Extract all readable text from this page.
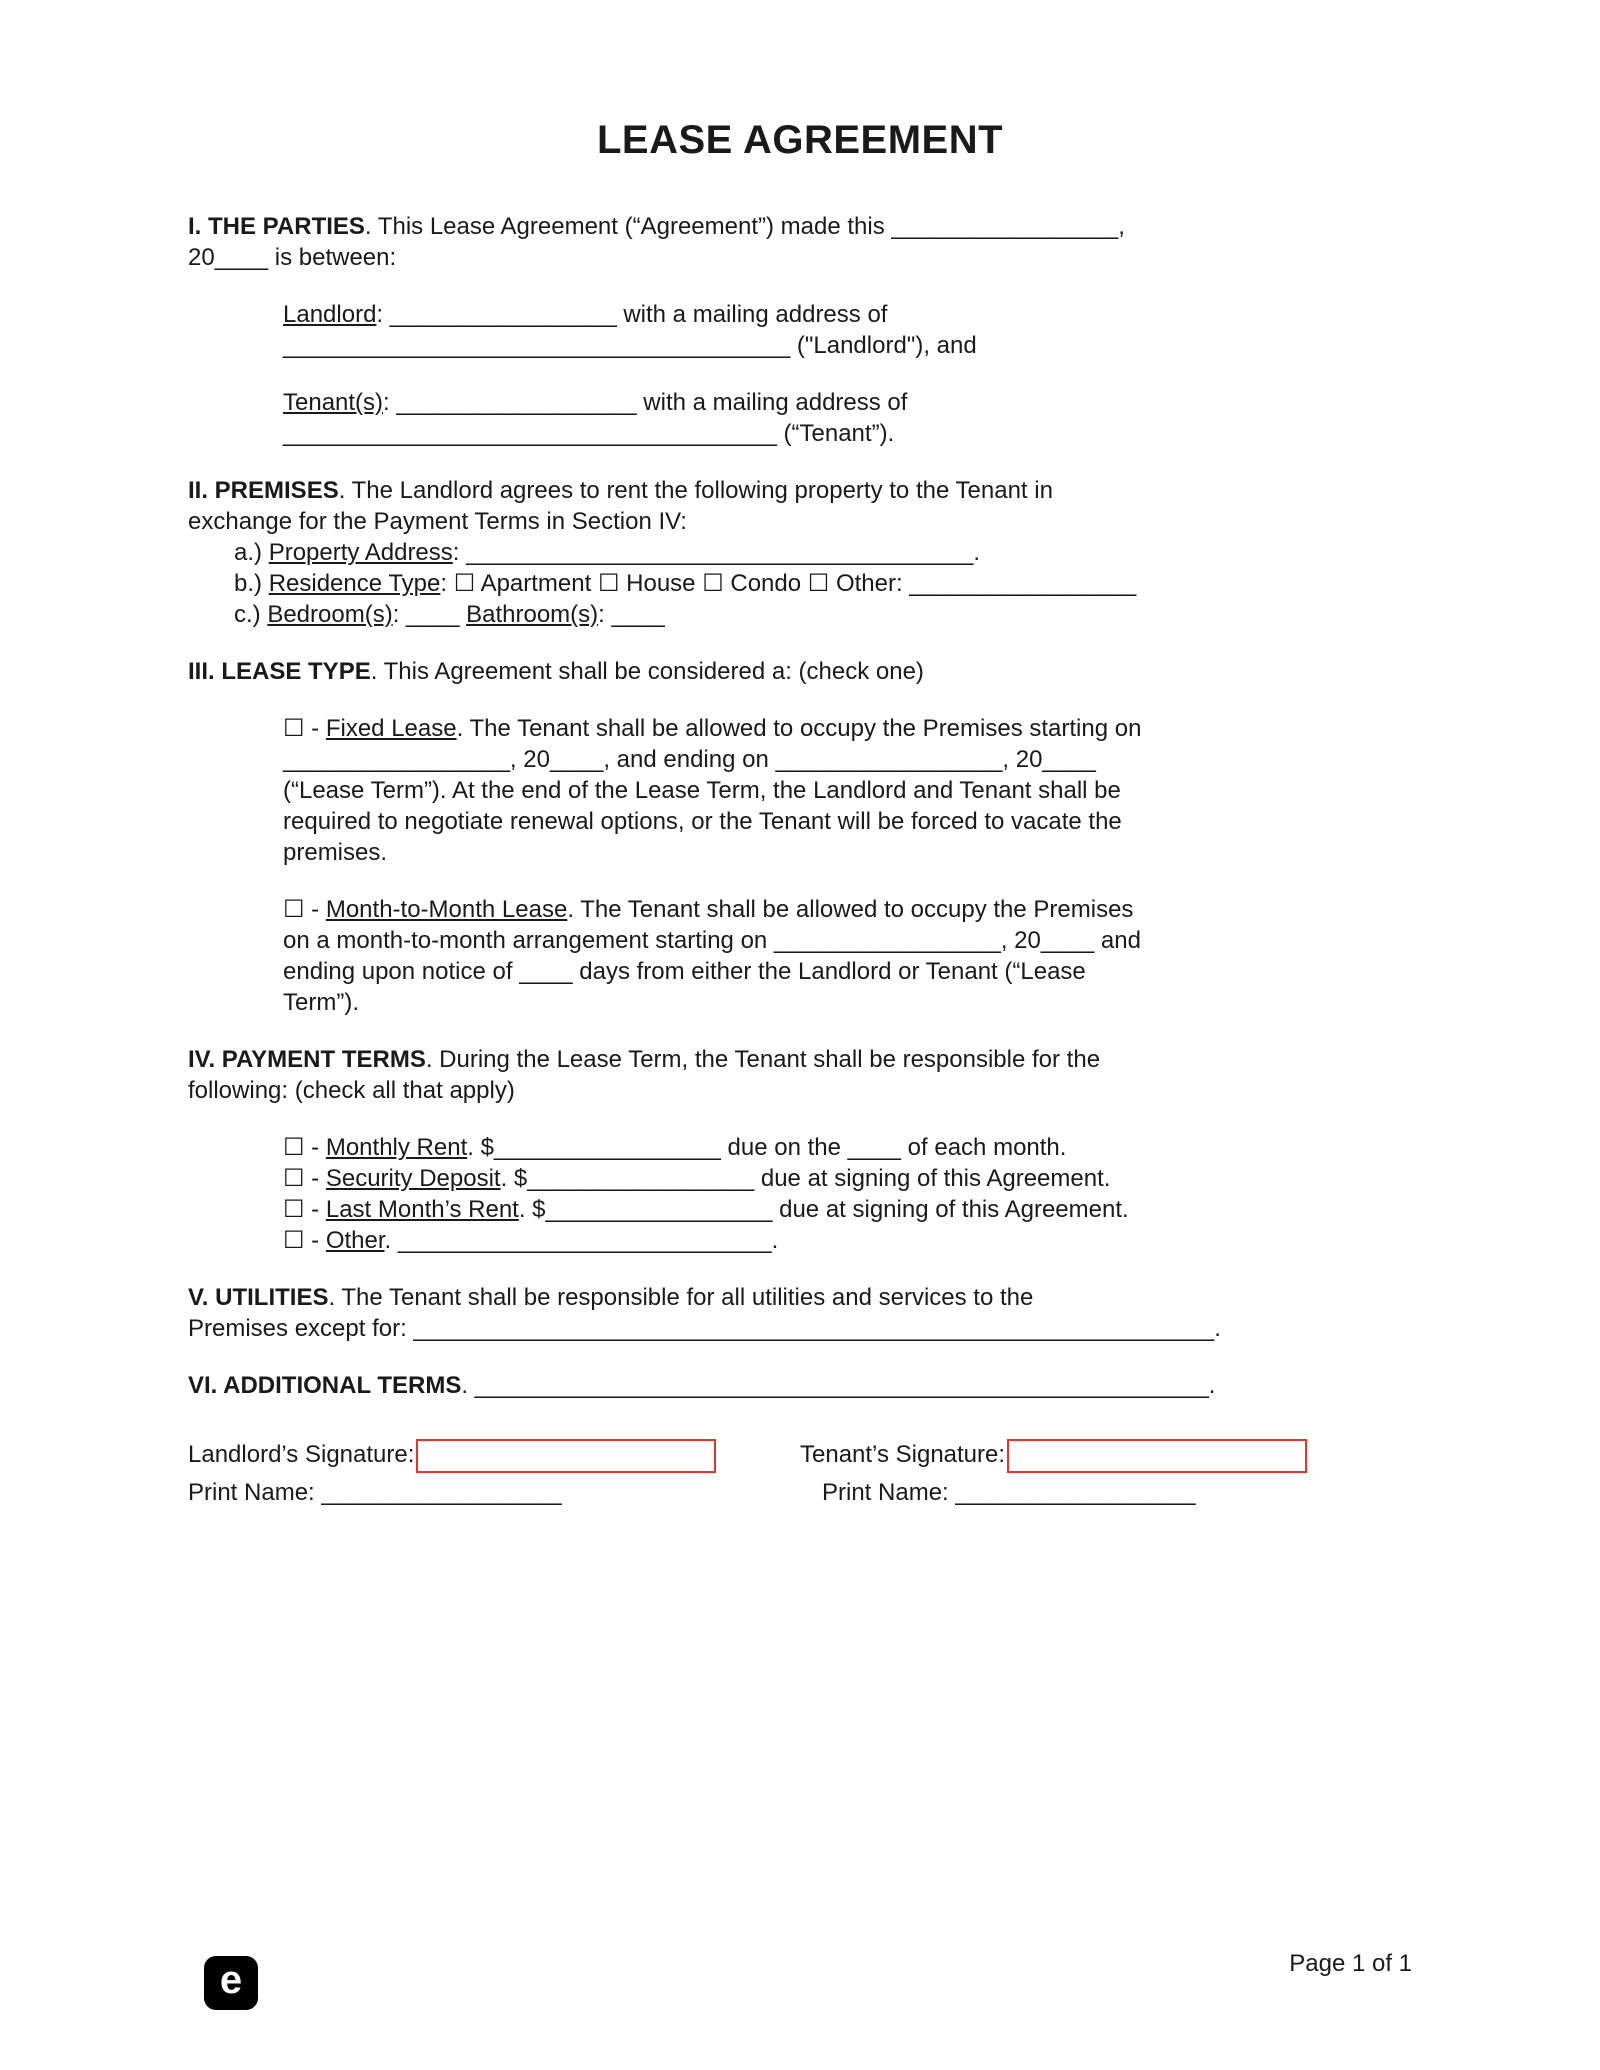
LEASE AGREEMENT
I. THE PARTIES. This Lease Agreement (“Agreement”) made this _________________,
20____ is between:
Landlord: _________________ with a mailing address of
______________________________________ ("Landlord"), and
Tenant(s): __________________ with a mailing address of
_____________________________________ (“Tenant”).
II. PREMISES. The Landlord agrees to rent the following property to the Tenant in
exchange for the Payment Terms in Section IV:
a.) Property Address: ______________________________________.
b.) Residence Type: ☐ Apartment ☐ House ☐ Condo ☐ Other: _________________
c.) Bedroom(s): ____ Bathroom(s): ____
III. LEASE TYPE. This Agreement shall be considered a: (check one)
☐ - Fixed Lease. The Tenant shall be allowed to occupy the Premises starting on
_________________, 20____, and ending on _________________, 20____
(“Lease Term”). At the end of the Lease Term, the Landlord and Tenant shall be
required to negotiate renewal options, or the Tenant will be forced to vacate the
premises.
☐ - Month-to-Month Lease. The Tenant shall be allowed to occupy the Premises
on a month-to-month arrangement starting on _________________, 20____ and
ending upon notice of ____ days from either the Landlord or Tenant (“Lease
Term”).
IV. PAYMENT TERMS. During the Lease Term, the Tenant shall be responsible for the
following: (check all that apply)
☐ - Monthly Rent. $_________________ due on the ____ of each month.
☐ - Security Deposit. $_________________ due at signing of this Agreement.
☐ - Last Month’s Rent. $_________________ due at signing of this Agreement.
☐ - Other. ____________________________.
V. UTILITIES. The Tenant shall be responsible for all utilities and services to the
Premises except for: ____________________________________________________________.
VI. ADDITIONAL TERMS. _______________________________________________________.
Landlord’s Signature:	Tenant’s Signature:
Print Name: __________________	Print Name: __________________
e	Page 1 of 1
